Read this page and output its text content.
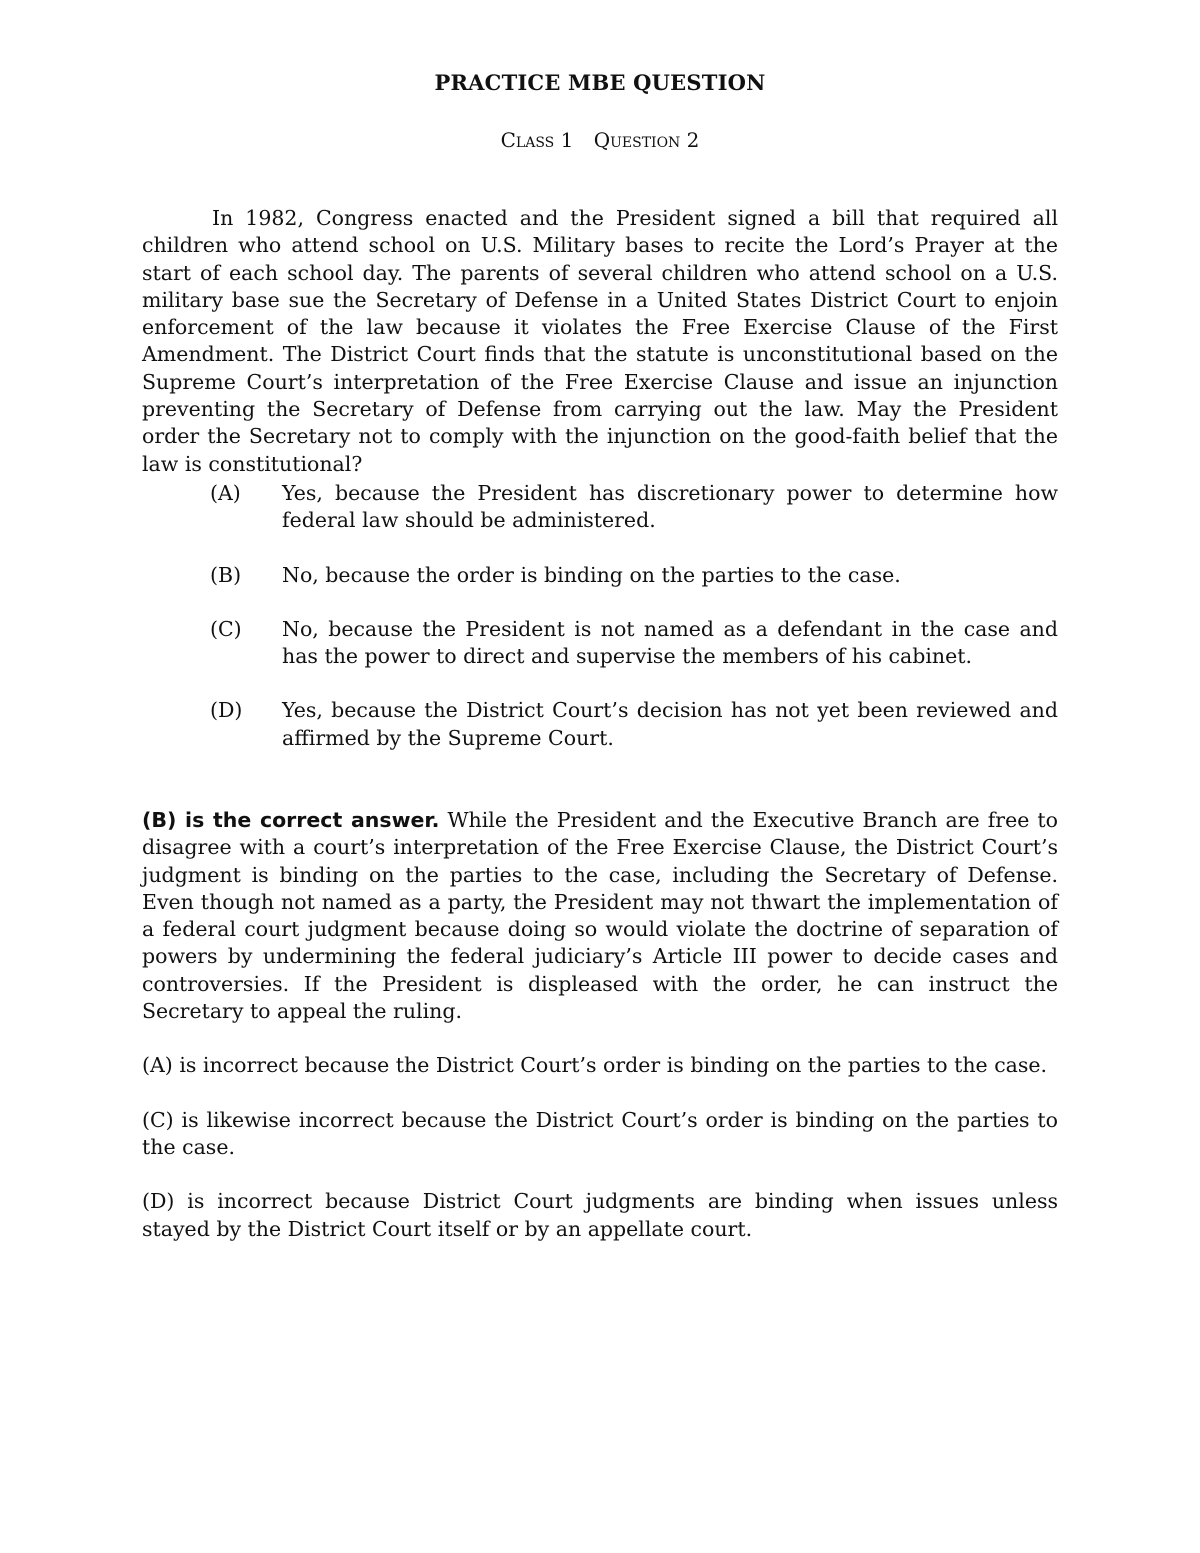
PRACTICE MBE QUESTION
Class 1 Question 2

In 1982, Congress enacted and the President signed a bill that required all children who attend school on U.S. Military bases to recite the Lord’s Prayer at the start of each school day. The parents of several children who attend school on a U.S. military base sue the Secretary of Defense in a United States District Court to enjoin enforcement of the law because it violates the Free Exercise Clause of the First Amendment. The District Court finds that the statute is unconstitutional based on the Supreme Court’s interpretation of the Free Exercise Clause and issue an injunction preventing the Secretary of Defense from carrying out the law. May the President order the Secretary not to comply with the injunction on the good-faith belief that the law is constitutional?

(A) Yes, because the President has discretionary power to determine how federal law should be administered.
(B) No, because the order is binding on the parties to the case.
(C) No, because the President is not named as a defendant in the case and has the power to direct and supervise the members of his cabinet.
(D) Yes, because the District Court’s decision has not yet been reviewed and affirmed by the Supreme Court.

(B) is the correct answer. While the President and the Executive Branch are free to disagree with a court’s interpretation of the Free Exercise Clause, the District Court’s judgment is binding on the parties to the case, including the Secretary of Defense. Even though not named as a party, the President may not thwart the implementation of a federal court judgment because doing so would violate the doctrine of separation of powers by undermining the federal judiciary’s Article III power to decide cases and controversies. If the President is displeased with the order, he can instruct the Secretary to appeal the ruling.

(A) is incorrect because the District Court’s order is binding on the parties to the case.

(C) is likewise incorrect because the District Court’s order is binding on the parties to the case.

(D) is incorrect because District Court judgments are binding when issues unless stayed by the District Court itself or by an appellate court.
